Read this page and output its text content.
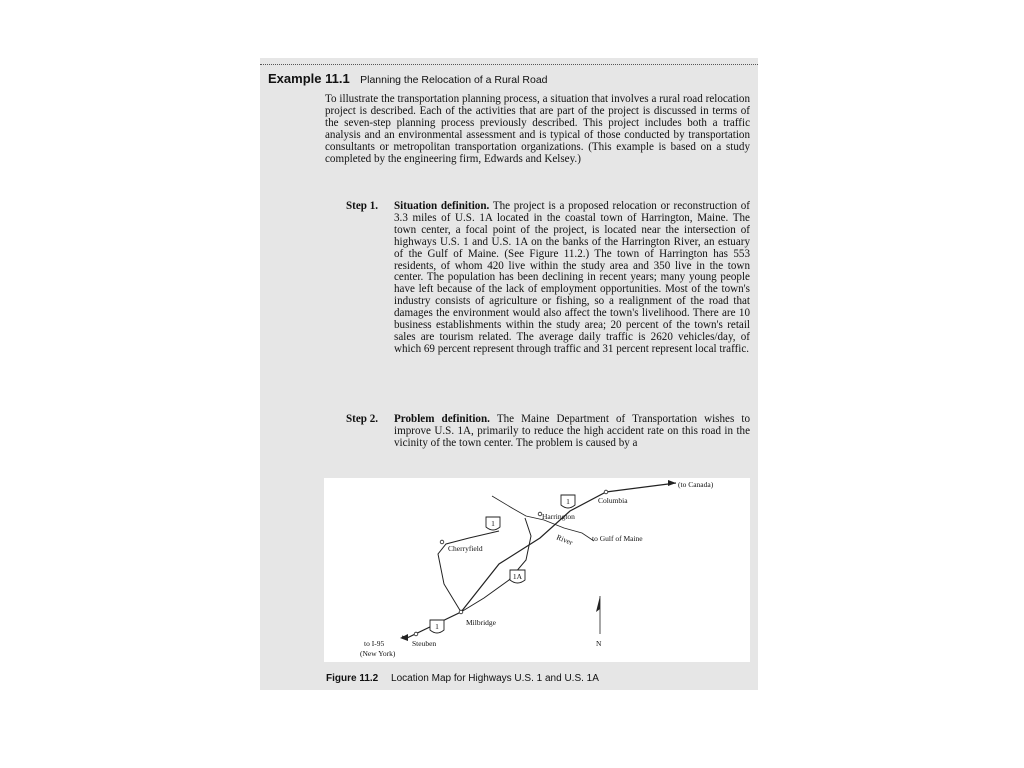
Example 11.1 Planning the Relocation of a Rural Road
To illustrate the transportation planning process, a situation that involves a rural road relocation project is described. Each of the activities that are part of the project is discussed in terms of the seven-step planning process previously described. This project includes both a traffic analysis and an environmental assessment and is typical of those conducted by transportation consultants or metropolitan transportation organizations. (This example is based on a study completed by the engineering firm, Edwards and Kelsey.)
Step 1. Situation definition. The project is a proposed relocation or reconstruction of 3.3 miles of U.S. 1A located in the coastal town of Harrington, Maine. The town center, a focal point of the project, is located near the intersection of highways U.S. 1 and U.S. 1A on the banks of the Harrington River, an estuary of the Gulf of Maine. (See Figure 11.2.) The town of Harrington has 553 residents, of whom 420 live within the study area and 350 live in the town center. The population has been declining in recent years; many young people have left because of the lack of employment opportunities. Most of the town's industry consists of agriculture or fishing, so a realignment of the road that damages the environment would also affect the town's livelihood. There are 10 business establishments within the study area; 20 percent of the town's retail sales are tourism related. The average daily traffic is 2620 vehicles/day, of which 69 percent represent through traffic and 31 percent represent local traffic.
Step 2. Problem definition. The Maine Department of Transportation wishes to improve U.S. 1A, primarily to reduce the high accident rate on this road in the vicinity of the town center. The problem is caused by a
1
1
1A
1
(to Canada)
Columbia
Harrington
River to Gulf of Maine
Cherryfield
Milbridge
Steuben
to I-95
(New York)
N
Figure 11.2 Location Map for Highways U.S. 1 and U.S. 1A
